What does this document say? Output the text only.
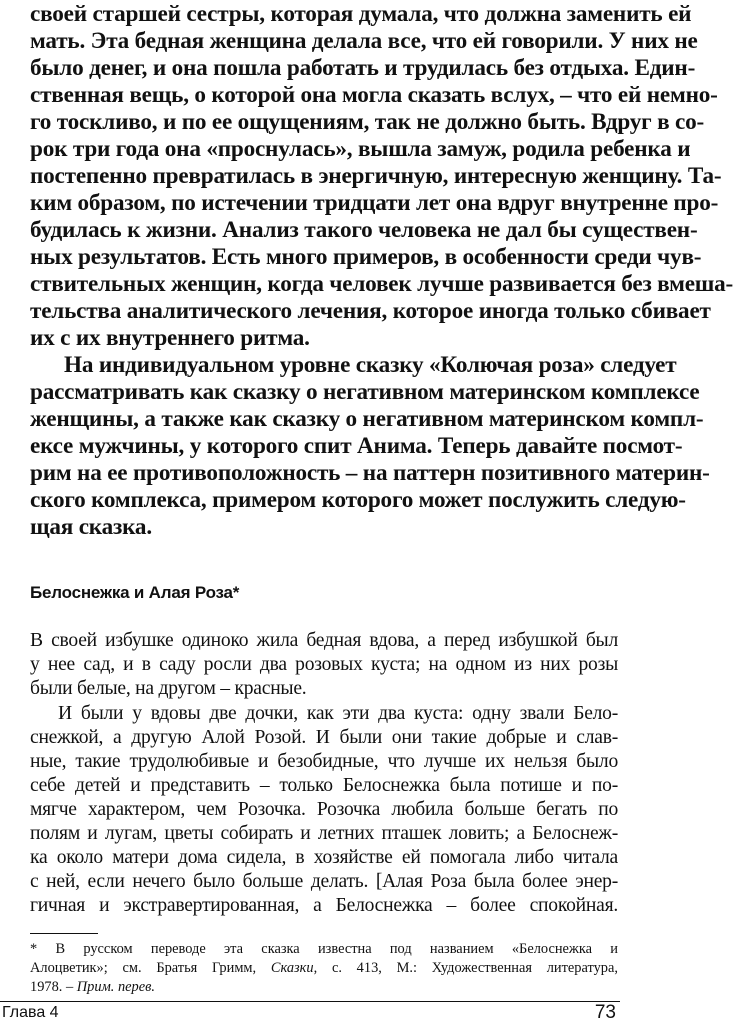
своей старшей сестры, которая думала, что должна заменить ей
мать. Эта бедная женщина делала все, что ей говорили. У них не
было денег, и она пошла работать и трудилась без отдыха. Един-
ственная вещь, о которой она могла сказать вслух, – что ей немно-
го тоскливо, и по ее ощущениям, так не должно быть. Вдруг в со-
рок три года она «проснулась», вышла замуж, родила ребенка и
постепенно превратилась в энергичную, интересную женщину. Та-
ким образом, по истечении тридцати лет она вдруг внутренне про-
будилась к жизни. Анализ такого человека не дал бы существен-
ных результатов. Есть много примеров, в особенности среди чув-
ствительных женщин, когда человек лучше развивается без вмеша-
тельства аналитического лечения, которое иногда только сбивает
их с их внутреннего ритма.
На индивидуальном уровне сказку «Колючая роза» следует
рассматривать как сказку о негативном материнском комплексе
женщины, а также как сказку о негативном материнском компл-
ексе мужчины, у которого спит Анима. Теперь давайте посмот-
рим на ее противоположность – на паттерн позитивного материн-
ского комплекса, примером которого может послужить следую-
щая сказка.
Белоснежка и Алая Роза*
В своей избушке одиноко жила бедная вдова, а перед избушкой был
у нее сад, и в саду росли два розовых куста; на одном из них розы
были белые, на другом – красные.
И были у вдовы две дочки, как эти два куста: одну звали Бело-
снежкой, а другую Алой Розой. И были они такие добрые и слав-
ные, такие трудолюбивые и безобидные, что лучше их нельзя было
себе детей и представить – только Белоснежка была потише и по-
мягче характером, чем Розочка. Розочка любила больше бегать по
полям и лугам, цветы собирать и летних пташек ловить; а Белоснеж-
ка около матери дома сидела, в хозяйстве ей помогала либо читала
с ней, если нечего было больше делать. [Алая Роза была более энер-
гичная и экстравертированная, а Белоснежка – более спокойная.
* В русском переводе эта сказка известна под названием «Белоснежка и
Алоцветик»; см. Братья Гримм, Сказки, с. 413, М.: Художественная литература,
1978. – Прим. перев.
Глава 4	73
